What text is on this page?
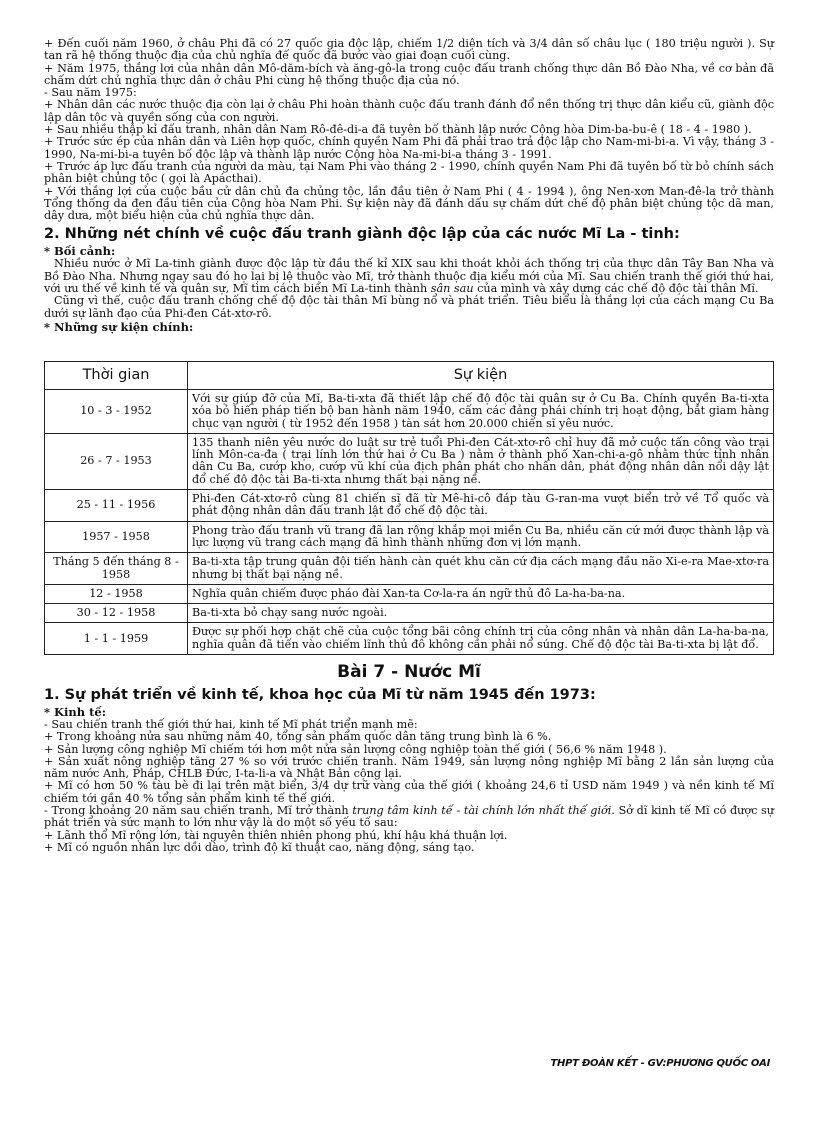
+ Đến cuối năm 1960, ở châu Phi đã có 27 quốc gia độc lập, chiếm 1/2 diện tích và 3/4 dân số châu lục ( 180 triệu người ). Sự tan rã hệ thống thuộc địa của chủ nghĩa đế quốc đã bước vào giai đoạn cuối cùng.

+ Năm 1975, thắng lợi của nhân dân Mô-dăm-bích và ăng-gô-la trong cuộc đấu tranh chống thực dân Bồ Đào Nha, về cơ bản đã chấm dứt chủ nghĩa thực dân ở châu Phi cùng hệ thống thuộc địa của nó.

- Sau năm 1975:

+ Nhân dân các nước thuộc địa còn lại ở châu Phi hoàn thành cuộc đấu tranh đánh đổ nền thống trị thực dân kiểu cũ, giành độc lập dân tộc và quyền sống của con người.

+ Sau nhiều thập kỉ đấu tranh, nhân dân Nam Rô-đê-di-a đã tuyên bố thành lập nước Cộng hòa Dim-ba-bu-ê ( 18 - 4 - 1980 ).

+ Trước sức ép của nhân dân và Liên hợp quốc, chính quyền Nam Phi đã phải trao trả độc lập cho Nam-mi-bi-a. Vì vậy, tháng 3 - 1990, Na-mi-bi-a tuyên bố độc lập và thành lập nước Cộng hòa Na-mi-bi-a tháng 3 - 1991.

+ Trước áp lực đấu tranh của người da màu, tại Nam Phi vào tháng 2 - 1990, chính quyền Nam Phi đã tuyên bố từ bỏ chính sách phân biệt chủng tộc ( gọi là Apácthai).

+ Với thắng lợi của cuộc bầu cử dân chủ đa chủng tộc, lần đầu tiên ở Nam Phi ( 4 - 1994 ), ông Nen-xơn Man-đê-la trở thành Tổng thống da đen đầu tiên của Cộng hòa Nam Phi. Sự kiện này đã đánh dấu sự chấm dứt chế độ phân biệt chủng tộc dã man, dây dưa, một biểu hiện của chủ nghĩa thực dân.

2. Những nét chính về cuộc đấu tranh giành độc lập của các nước Mĩ La - tinh:
* Bối cảnh:

Nhiều nước ở Mĩ La-tinh giành được độc lập từ đầu thế kỉ XIX sau khi thoát khỏi ách thống trị của thực dân Tây Ban Nha và Bồ Đào Nha. Nhưng ngay sau đó họ lại bị lệ thuộc vào Mĩ, trở thành thuộc địa kiểu mới của Mĩ. Sau chiến tranh thế giới thứ hai, với ưu thế về kinh tế và quân sự, Mĩ tìm cách biến Mĩ La-tinh thành sân sau của mình và xây dựng các chế độ độc tài thân Mĩ.

Cũng vì thế, cuộc đấu tranh chống chế độ độc tài thân Mĩ bùng nổ và phát triển. Tiêu biểu là thắng lợi của cách mạng Cu Ba dưới sự lãnh đạo của Phi-đen Cát-xtơ-rô.

* Những sự kiện chính:
Thời gian	Sự kiện
10 - 3 - 1952	Với sự giúp đỡ của Mĩ, Ba-ti-xta đã thiết lập chế độ độc tài quân sự ở Cu Ba. Chính quyền Ba-ti-xta xóa bỏ hiến pháp tiến bộ ban hành năm 1940, cấm các đảng phái chính trị hoạt động, bắt giam hàng chục vạn người ( từ 1952 đến 1958 ) tàn sát hơn 20.000 chiến sĩ yêu nước.
26 - 7 - 1953	135 thanh niên yêu nước do luật sư trẻ tuổi Phi-đen Cát-xtơ-rô chỉ huy đã mở cuộc tấn công vào trại lính Môn-ca-đa ( trại lính lớn thứ hai ở Cu Ba ) nằm ở thành phố Xan-chi-a-gô nhằm thức tỉnh nhân dân Cu Ba, cướp kho, cướp vũ khí của địch phân phát cho nhân dân, phát động nhân dân nổi dậy lật đổ chế độ độc tài Ba-ti-xta nhưng thất bại nặng nề.
25 - 11 - 1956	Phi-đen Cát-xtơ-rô cùng 81 chiến sĩ đã từ Mê-hi-cô đáp tàu G-ran-ma vượt biển trở về Tổ quốc và phát động nhân dân đấu tranh lật đổ chế độ độc tài.
1957 - 1958	Phong trào đấu tranh vũ trang đã lan rộng khắp mọi miền Cu Ba, nhiều căn cứ mới được thành lập và lực lượng vũ trang cách mạng đã hình thành những đơn vị lớn mạnh.
Tháng 5 đến tháng 8 - 1958	Ba-ti-xta tập trung quân đội tiến hành càn quét khu căn cứ địa cách mạng đầu não Xi-e-ra Mae-xtơ-ra nhưng bị thất bại nặng nề.
12 - 1958	Nghĩa quân chiếm được pháo đài Xan-ta Cơ-la-ra án ngữ thủ đô La-ha-ba-na.
30 - 12 - 1958	Ba-ti-xta bỏ chạy sang nước ngoài.
1 - 1 - 1959	Được sự phối hợp chặt chẽ của cuộc tổng bãi công chính trị của công nhân và nhân dân La-ha-ba-na, nghĩa quân đã tiến vào chiếm lĩnh thủ đô không cần phải nổ súng. Chế độ độc tài Ba-ti-xta bị lật đổ.
Bài 7 - Nước Mĩ
1. Sự phát triển về kinh tế, khoa học của Mĩ từ năm 1945 đến 1973:
* Kinh tế:

- Sau chiến tranh thế giới thứ hai, kinh tế Mĩ phát triển mạnh mẽ:

+ Trong khoảng nửa sau những năm 40, tổng sản phẩm quốc dân tăng trung bình là 6 %.

+ Sản lượng công nghiệp Mĩ chiếm tới hơn một nửa sản lượng công nghiệp toàn thế giới ( 56,6 % năm 1948 ).

+ Sản xuất nông nghiệp tăng 27 % so với trước chiến tranh. Năm 1949, sản lượng nông nghiệp Mĩ bằng 2 lần sản lượng của năm nước Anh, Pháp, CHLB Đức, I-ta-li-a và Nhật Bản cộng lại.

+ Mĩ có hơn 50 % tàu bè đi lại trên mặt biển, 3/4 dự trữ vàng của thế giới ( khoảng 24,6 tỉ USD năm 1949 ) và nền kinh tế Mĩ chiếm tới gần 40 % tổng sản phẩm kinh tế thế giới.

- Trong khoảng 20 năm sau chiến tranh, Mĩ trở thành trung tâm kinh tế - tài chính lớn nhất thế giới. Sở dĩ kinh tế Mĩ có được sự phát triển và sức mạnh to lớn như vậy là do một số yếu tố sau:

+ Lãnh thổ Mĩ rộng lớn, tài nguyên thiên nhiên phong phú, khí hậu khá thuận lợi.

+ Mĩ có nguồn nhân lực dồi dào, trình độ kĩ thuật cao, năng động, sáng tạo.

THPT ĐOÀN KẾT - GV:PHƯƠNG QUỐC OAI
